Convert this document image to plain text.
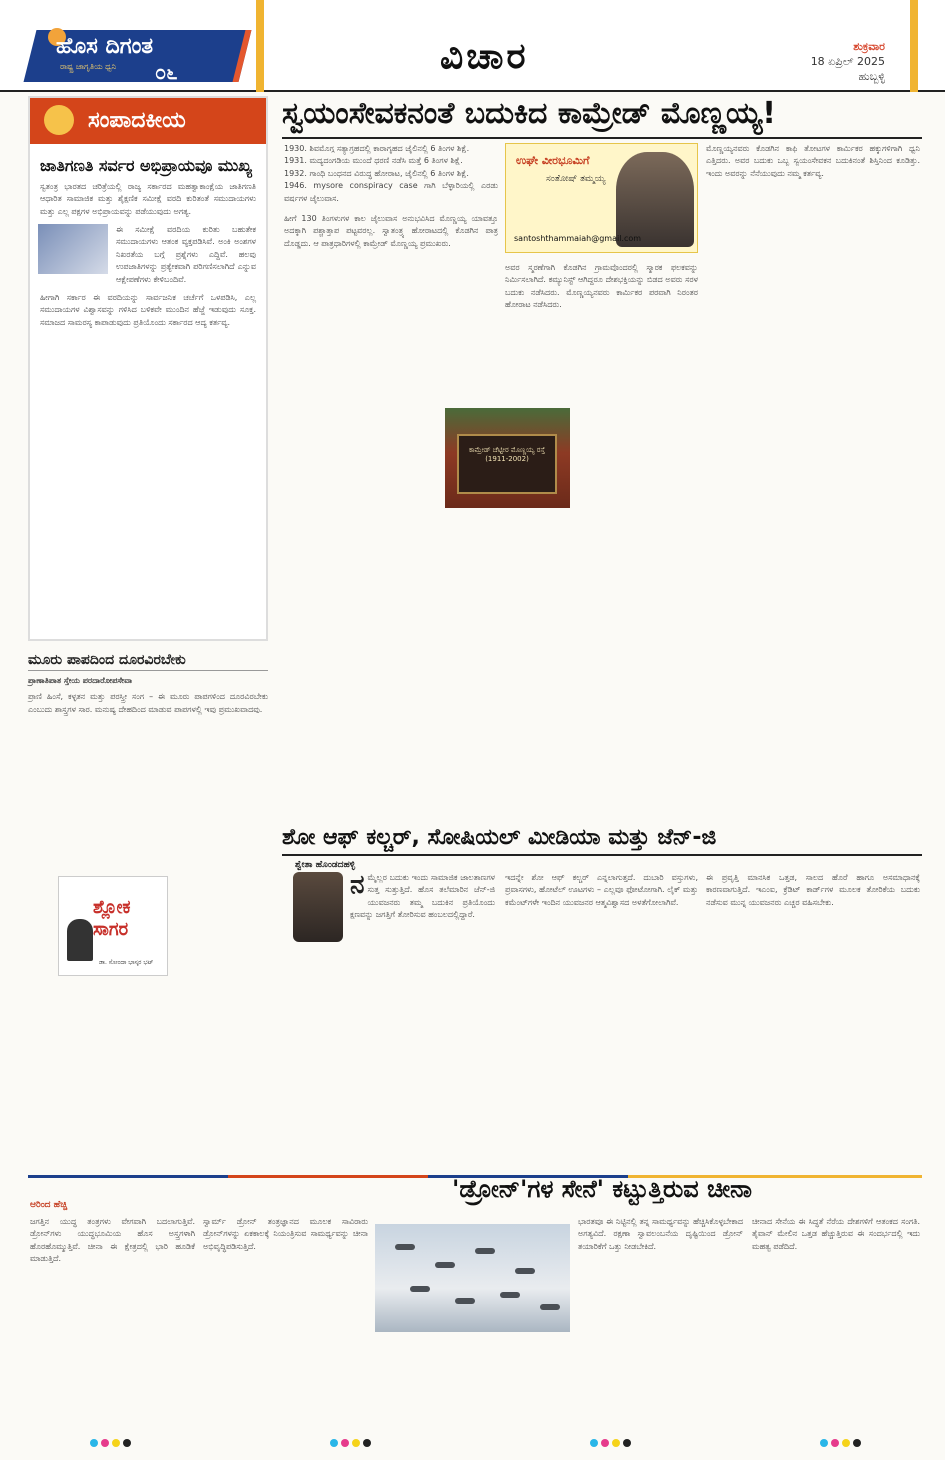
ಹೊಸ ದಿಗಂತ
ರಾಷ್ಟ್ರ ಜಾಗೃತಿಯ ಧ್ವನಿ ೦೬	ವಿಚಾರ	ಶುಕ್ರವಾರ
18 ಏಪ್ರಿಲ್ 2025
ಹುಬ್ಬಳ್ಳಿ
ಸಂಪಾದಕೀಯ
ಜಾತಿಗಣತಿ ಸರ್ವರ ಅಭಿಪ್ರಾಯವೂ ಮುಖ್ಯ

ಸ್ವತಂತ್ರ ಭಾರತದ ಚರಿತ್ರೆಯಲ್ಲಿ ರಾಜ್ಯ ಸರ್ಕಾರದ ಮಹತ್ವಾಕಾಂಕ್ಷೆಯ ಜಾತಿಗಣತಿ ಆಧಾರಿತ ಸಾಮಾಜಿಕ ಮತ್ತು ಶೈಕ್ಷಣಿಕ ಸಮೀಕ್ಷೆ ವರದಿ ಕುರಿತಂತೆ ಸಮುದಾಯಗಳು ಮತ್ತು ಎಲ್ಲ ಪಕ್ಷಗಳ ಅಭಿಪ್ರಾಯವನ್ನು ಪಡೆಯುವುದು ಅಗತ್ಯ.

ಈ ಸಮೀಕ್ಷೆ ವರದಿಯ ಕುರಿತು ಬಹುತೇಕ ಸಮುದಾಯಗಳು ಆತಂಕ ವ್ಯಕ್ತಪಡಿಸಿವೆ. ಅಂಕಿ ಅಂಶಗಳ ನಿಖರತೆಯ ಬಗ್ಗೆ ಪ್ರಶ್ನೆಗಳು ಎದ್ದಿವೆ. ಹಲವು ಉಪಜಾತಿಗಳನ್ನು ಪ್ರತ್ಯೇಕವಾಗಿ ಪರಿಗಣಿಸಲಾಗಿದೆ ಎನ್ನುವ ಆಕ್ಷೇಪಣೆಗಳು ಕೇಳಿಬಂದಿವೆ.

ಹೀಗಾಗಿ ಸರ್ಕಾರ ಈ ವರದಿಯನ್ನು ಸಾರ್ವಜನಿಕ ಚರ್ಚೆಗೆ ಒಳಪಡಿಸಿ, ಎಲ್ಲ ಸಮುದಾಯಗಳ ವಿಶ್ವಾಸವನ್ನು ಗಳಿಸಿದ ಬಳಿಕವೇ ಮುಂದಿನ ಹೆಜ್ಜೆ ಇಡುವುದು ಸೂಕ್ತ. ಸಮಾಜದ ಸಾಮರಸ್ಯ ಕಾಪಾಡುವುದು ಪ್ರತಿಯೊಂದು ಸರ್ಕಾರದ ಆದ್ಯ ಕರ್ತವ್ಯ.

ಸ್ವಯಂಸೇವಕನಂತೆ ಬದುಕಿದ ಕಾಮ್ರೇಡ್ ಮೊಣ್ಣಯ್ಯ!

1930. ಶಿವಮೊಗ್ಗ ಸತ್ಯಾಗ್ರಹದಲ್ಲಿ ಕಾರಾಗೃಹದ ಜೈಲಿನಲ್ಲಿ 6 ತಿಂಗಳ ಶಿಕ್ಷೆ.

1931. ಮದ್ಯದಂಗಡಿಯ ಮುಂದೆ ಧರಣಿ ನಡೆಸಿ ಮತ್ತೆ 6 ತಿಂಗಳ ಶಿಕ್ಷೆ.

1932. ಗಾಂಧಿ ಬಂಧನದ ವಿರುದ್ಧ ಹೋರಾಟ, ಜೈಲಿನಲ್ಲಿ 6 ತಿಂಗಳ ಶಿಕ್ಷೆ.

1946. mysore conspiracy case ಗಾಗಿ ಬೆಳ್ಳಾರಿಯಲ್ಲಿ ಎರಡು ವರ್ಷಗಳ ಜೈಲುವಾಸ.

ಹೀಗೆ 130 ತಿಂಗಳುಗಳ ಕಾಲ ಜೈಲುವಾಸ ಅನುಭವಿಸಿದ ಮೊಣ್ಣಯ್ಯ ಯಾವತ್ತೂ ಅದಕ್ಕಾಗಿ ಪಶ್ಚಾತ್ತಾಪ ಪಟ್ಟವರಲ್ಲ. ಸ್ವಾತಂತ್ರ್ಯ ಹೋರಾಟದಲ್ಲಿ ಕೊಡಗಿನ ಪಾತ್ರ ದೊಡ್ಡದು. ಆ ಪಾತ್ರಧಾರಿಗಳಲ್ಲಿ ಕಾಮ್ರೇಡ್ ಮೊಣ್ಣಯ್ಯ ಪ್ರಮುಖರು.

ಉಘೇ ವೀರಭೂಮಿಗೆ
ಸಂತೋಷ್ ತಮ್ಮಯ್ಯ
santoshthammaiah@gmail.com
ಅವರ ಸ್ಮರಣೆಗಾಗಿ ಕೊಡಗಿನ ಗ್ರಾಮವೊಂದರಲ್ಲಿ ಸ್ಮಾರಕ ಫಲಕವನ್ನು ನಿರ್ಮಿಸಲಾಗಿದೆ. ಕಮ್ಯುನಿಸ್ಟ್ ಆಗಿದ್ದರೂ ದೇಶಭಕ್ತಿಯನ್ನು ಬಿಡದ ಅವರು ಸರಳ ಬದುಕು ನಡೆಸಿದರು. ಮೊಣ್ಣಯ್ಯನವರು ಕಾರ್ಮಿಕರ ಪರವಾಗಿ ನಿರಂತರ ಹೋರಾಟ ನಡೆಸಿದರು.
ಕಾಮ್ರೇಡ್ ಚೆಟ್ಟೀರ ಮೊಣ್ಣಯ್ಯ ರಸ್ತೆ (1911-2002)
ಮೊಣ್ಣಯ್ಯನವರು ಕೊಡಗಿನ ಕಾಫಿ ತೋಟಗಳ ಕಾರ್ಮಿಕರ ಹಕ್ಕುಗಳಿಗಾಗಿ ಧ್ವನಿ ಎತ್ತಿದರು. ಅವರ ಬದುಕು ಒಬ್ಬ ಸ್ವಯಂಸೇವಕನ ಬದುಕಿನಂತೆ ಶಿಸ್ತಿನಿಂದ ಕೂಡಿತ್ತು. ಇಂದು ಅವರನ್ನು ನೆನೆಯುವುದು ನಮ್ಮ ಕರ್ತವ್ಯ.
ಮೂರು ಪಾಪದಿಂದ ದೂರವಿರಬೇಕು
ಪ್ರಾಣಾತಿಪಾತ ಸ್ತೇಯ ಪರದಾರೋಪಸೇವಾ
ಪ್ರಾಣಿ ಹಿಂಸೆ, ಕಳ್ಳತನ ಮತ್ತು ಪರಸ್ತ್ರೀ ಸಂಗ – ಈ ಮೂರು ಪಾಪಗಳಿಂದ ದೂರವಿರಬೇಕು ಎಂಬುದು ಶಾಸ್ತ್ರಗಳ ಸಾರ. ಮನುಷ್ಯ ದೇಹದಿಂದ ಮಾಡುವ ಪಾಪಗಳಲ್ಲಿ ಇವು ಪ್ರಮುಖವಾದವು.
ಶ್ಲೋಕ ಸಾಗರ
ಡಾ. ಸೋಂದಾ ಭಾಸ್ಕರ ಭಟ್
ಶೋ ಆಫ್ ಕಲ್ಚರ್, ಸೋಷಿಯಲ್ ಮೀಡಿಯಾ ಮತ್ತು ಜೆನ್-ಜಿ
ಶ್ವೇತಾ ಹೊಂಡದಹಳ್ಳಿ
ನ ಮ್ಮೆಲ್ಲರ ಬದುಕು ಇಂದು ಸಾಮಾಜಿಕ ಜಾಲತಾಣಗಳ ಸುತ್ತ ಸುತ್ತುತ್ತಿದೆ. ಹೊಸ ತಲೆಮಾರಿನ ಜೆನ್-ಜಿ ಯುವಜನರು ತಮ್ಮ ಬದುಕಿನ ಪ್ರತಿಯೊಂದು ಕ್ಷಣವನ್ನು ಜಗತ್ತಿಗೆ ತೋರಿಸುವ ಹಂಬಲದಲ್ಲಿದ್ದಾರೆ.
ಇದನ್ನೇ ಶೋ ಆಫ್ ಕಲ್ಚರ್ ಎನ್ನಲಾಗುತ್ತದೆ. ದುಬಾರಿ ವಸ್ತುಗಳು, ಪ್ರವಾಸಗಳು, ಹೋಟೆಲ್ ಊಟಗಳು – ಎಲ್ಲವೂ ಫೋಟೋಗಾಗಿ. ಲೈಕ್ ಮತ್ತು ಕಮೆಂಟ್‌ಗಳೇ ಇಂದಿನ ಯುವಜನರ ಆತ್ಮವಿಶ್ವಾಸದ ಅಳತೆಗೋಲಾಗಿವೆ.
ಈ ಪ್ರವೃತ್ತಿ ಮಾನಸಿಕ ಒತ್ತಡ, ಸಾಲದ ಹೊರೆ ಹಾಗೂ ಅಸಮಾಧಾನಕ್ಕೆ ಕಾರಣವಾಗುತ್ತಿದೆ. ಇಎಂಐ, ಕ್ರೆಡಿಟ್ ಕಾರ್ಡ್‌ಗಳ ಮೂಲಕ ತೋರಿಕೆಯ ಬದುಕು ನಡೆಸುವ ಮುನ್ನ ಯುವಜನರು ಎಚ್ಚರ ವಹಿಸಬೇಕು.
'ಡ್ರೋನ್'ಗಳ ಸೇನೆ' ಕಟ್ಟುತ್ತಿರುವ ಚೀನಾ
ಆರಿಂದ ಹೆಚ್ಚಿ
ಜಗತ್ತಿನ ಯುದ್ಧ ತಂತ್ರಗಳು ವೇಗವಾಗಿ ಬದಲಾಗುತ್ತಿವೆ. ಡ್ರೋನ್‌ಗಳು ಯುದ್ಧಭೂಮಿಯ ಹೊಸ ಅಸ್ತ್ರಗಳಾಗಿ ಹೊರಹೊಮ್ಮುತ್ತಿವೆ. ಚೀನಾ ಈ ಕ್ಷೇತ್ರದಲ್ಲಿ ಭಾರಿ ಹೂಡಿಕೆ ಮಾಡುತ್ತಿದೆ.
ಸ್ವಾರ್ಮ್ ಡ್ರೋನ್ ತಂತ್ರಜ್ಞಾನದ ಮೂಲಕ ಸಾವಿರಾರು ಡ್ರೋನ್‌ಗಳನ್ನು ಏಕಕಾಲಕ್ಕೆ ನಿಯಂತ್ರಿಸುವ ಸಾಮರ್ಥ್ಯವನ್ನು ಚೀನಾ ಅಭಿವೃದ್ಧಿಪಡಿಸುತ್ತಿದೆ.
ಭಾರತವೂ ಈ ನಿಟ್ಟಿನಲ್ಲಿ ತನ್ನ ಸಾಮರ್ಥ್ಯವನ್ನು ಹೆಚ್ಚಿಸಿಕೊಳ್ಳಬೇಕಾದ ಅಗತ್ಯವಿದೆ. ರಕ್ಷಣಾ ಸ್ವಾವಲಂಬನೆಯ ದೃಷ್ಟಿಯಿಂದ ಡ್ರೋನ್ ತಯಾರಿಕೆಗೆ ಒತ್ತು ನೀಡಬೇಕಿದೆ.
ಚೀನಾದ ಸೇನೆಯ ಈ ಸಿದ್ಧತೆ ನೆರೆಯ ದೇಶಗಳಿಗೆ ಆತಂಕದ ಸಂಗತಿ. ತೈವಾನ್ ಮೇಲಿನ ಒತ್ತಡ ಹೆಚ್ಚುತ್ತಿರುವ ಈ ಸಂದರ್ಭದಲ್ಲಿ ಇದು ಮಹತ್ವ ಪಡೆದಿದೆ.
